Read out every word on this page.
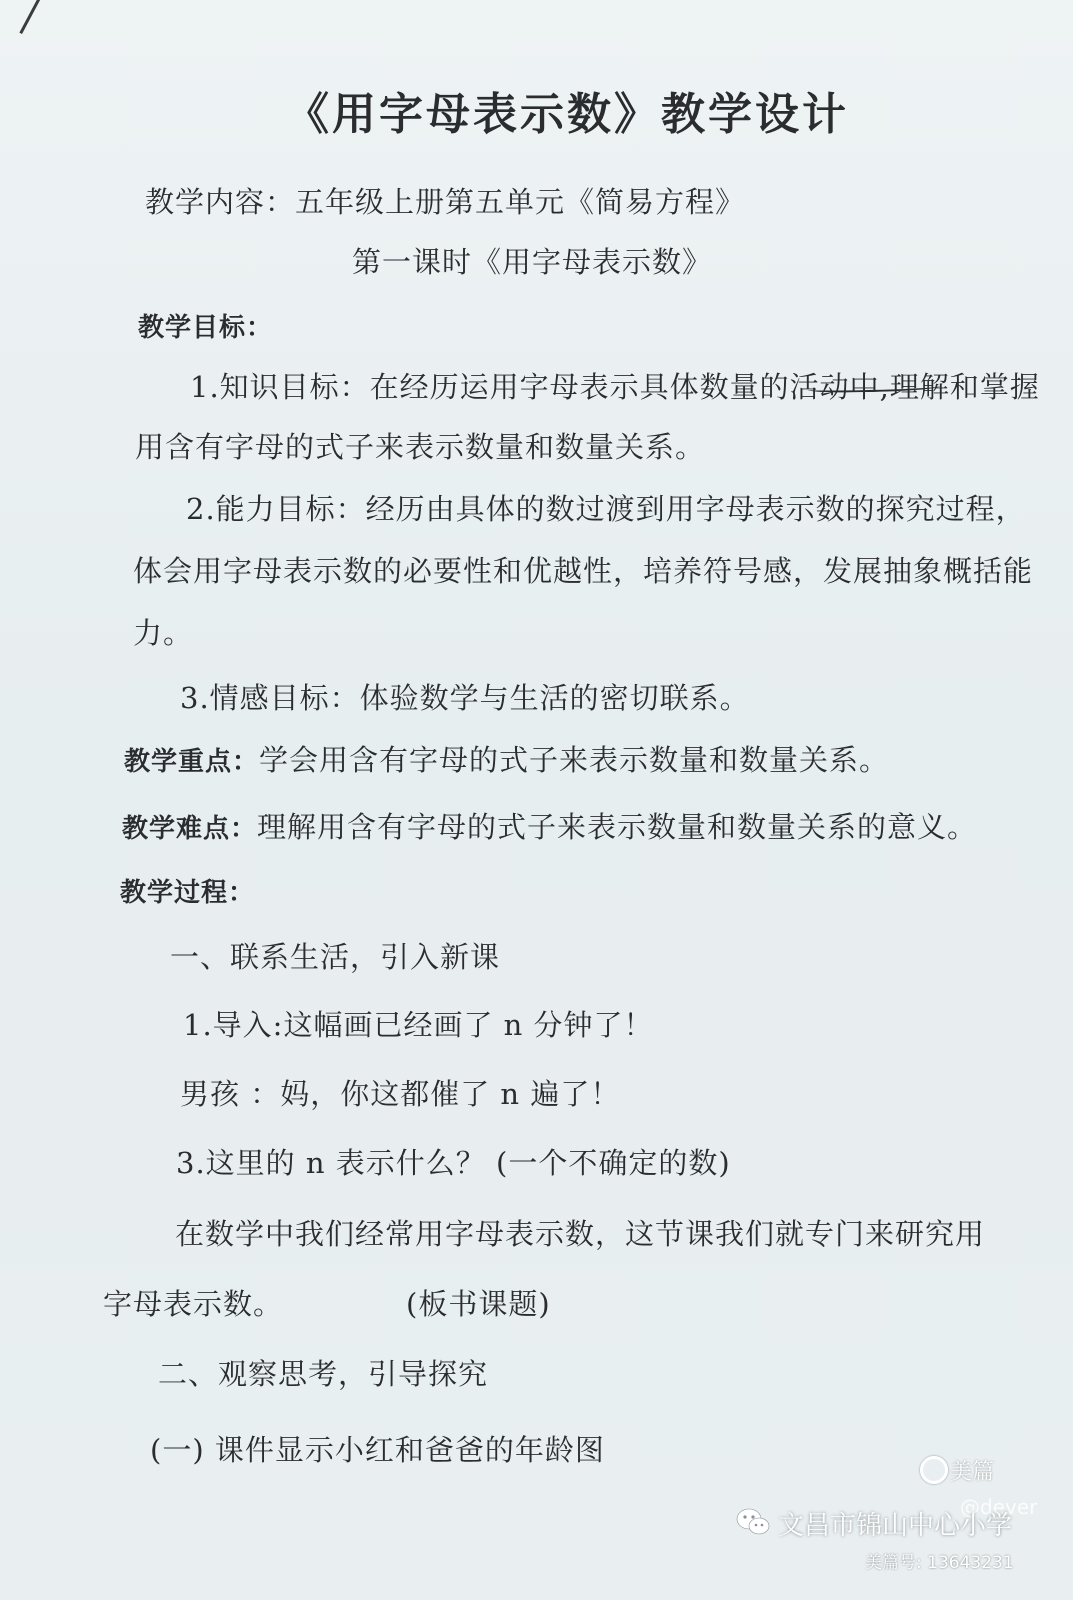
《用字母表示数》教学设计
教学内容：五年级上册第五单元《简易方程》
第一课时《用字母表示数》
教学目标：
1.知识目标：在经历运用字母表示具体数量的活动中,理解和掌握
用含有字母的式子来表示数量和数量关系。
2.能力目标：经历由具体的数过渡到用字母表示数的探究过程，
体会用字母表示数的必要性和优越性，培养符号感，发展抽象概括能
力。
3.情感目标：体验数学与生活的密切联系。
教学重点：学会用含有字母的式子来表示数量和数量关系。
教学难点：理解用含有字母的式子来表示数量和数量关系的意义。
教学过程：
一、联系生活，引入新课
1.导入:这幅画已经画了 n 分钟了！
男孩 ：妈，你这都催了 n 遍了！
3.这里的 n 表示什么？ (一个不确定的数)
在数学中我们经常用字母表示数，这节课我们就专门来研究用
字母表示数。	(板书课题)
二、观察思考，引导探究
(一) 课件显示小红和爸爸的年龄图
美篇
@dever
文昌市锦山中心小学
美篇号: 13643231
